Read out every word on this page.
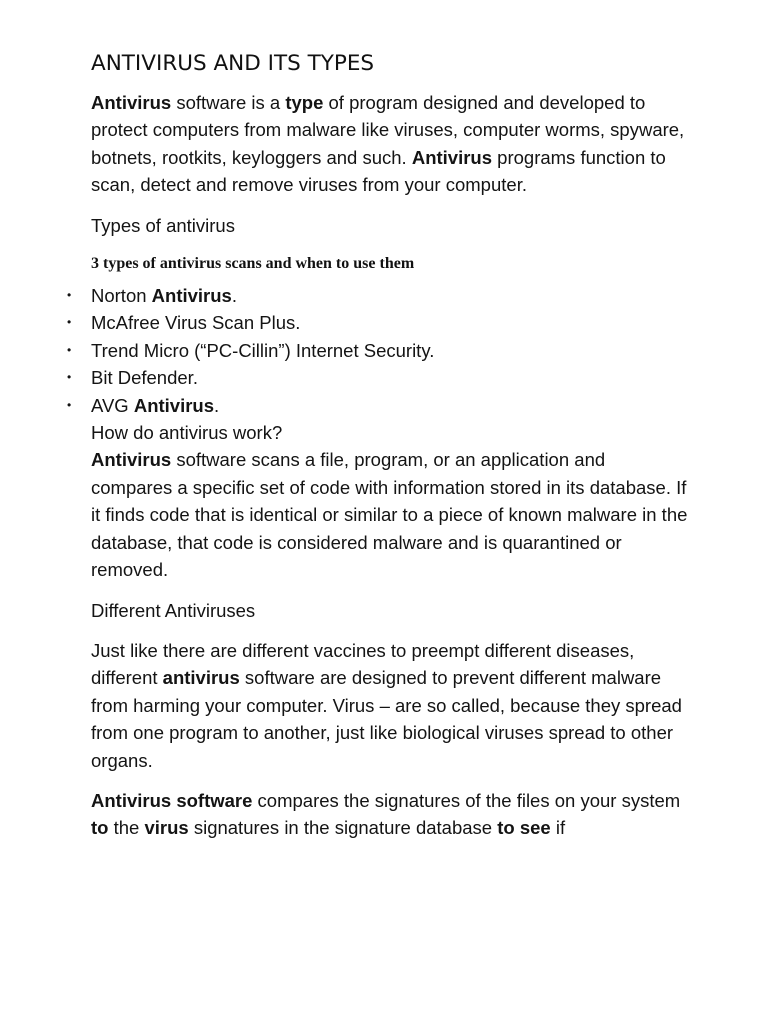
ANTIVIRUS AND ITS TYPES

Antivirus software is a type of program designed and developed to protect computers from malware like viruses, computer worms, spyware, botnets, rootkits, keyloggers and such. Antivirus programs function to scan, detect and remove viruses from your computer.

Types of antivirus

3 types of antivirus scans and when to use them

• Norton Antivirus.
• McAfree Virus Scan Plus.
• Trend Micro (“PC-Cillin”) Internet Security.
• Bit Defender.
• AVG Antivirus.

How do antivirus work?

Antivirus software scans a file, program, or an application and compares a specific set of code with information stored in its database. If it finds code that is identical or similar to a piece of known malware in the database, that code is considered malware and is quarantined or removed.

Different Antiviruses

Just like there are different vaccines to preempt different diseases, different antivirus software are designed to prevent different malware from harming your computer. Virus – are so called, because they spread from one program to another, just like biological viruses spread to other organs.

Antivirus software compares the signatures of the files on your system to the virus signatures in the signature database to see if
